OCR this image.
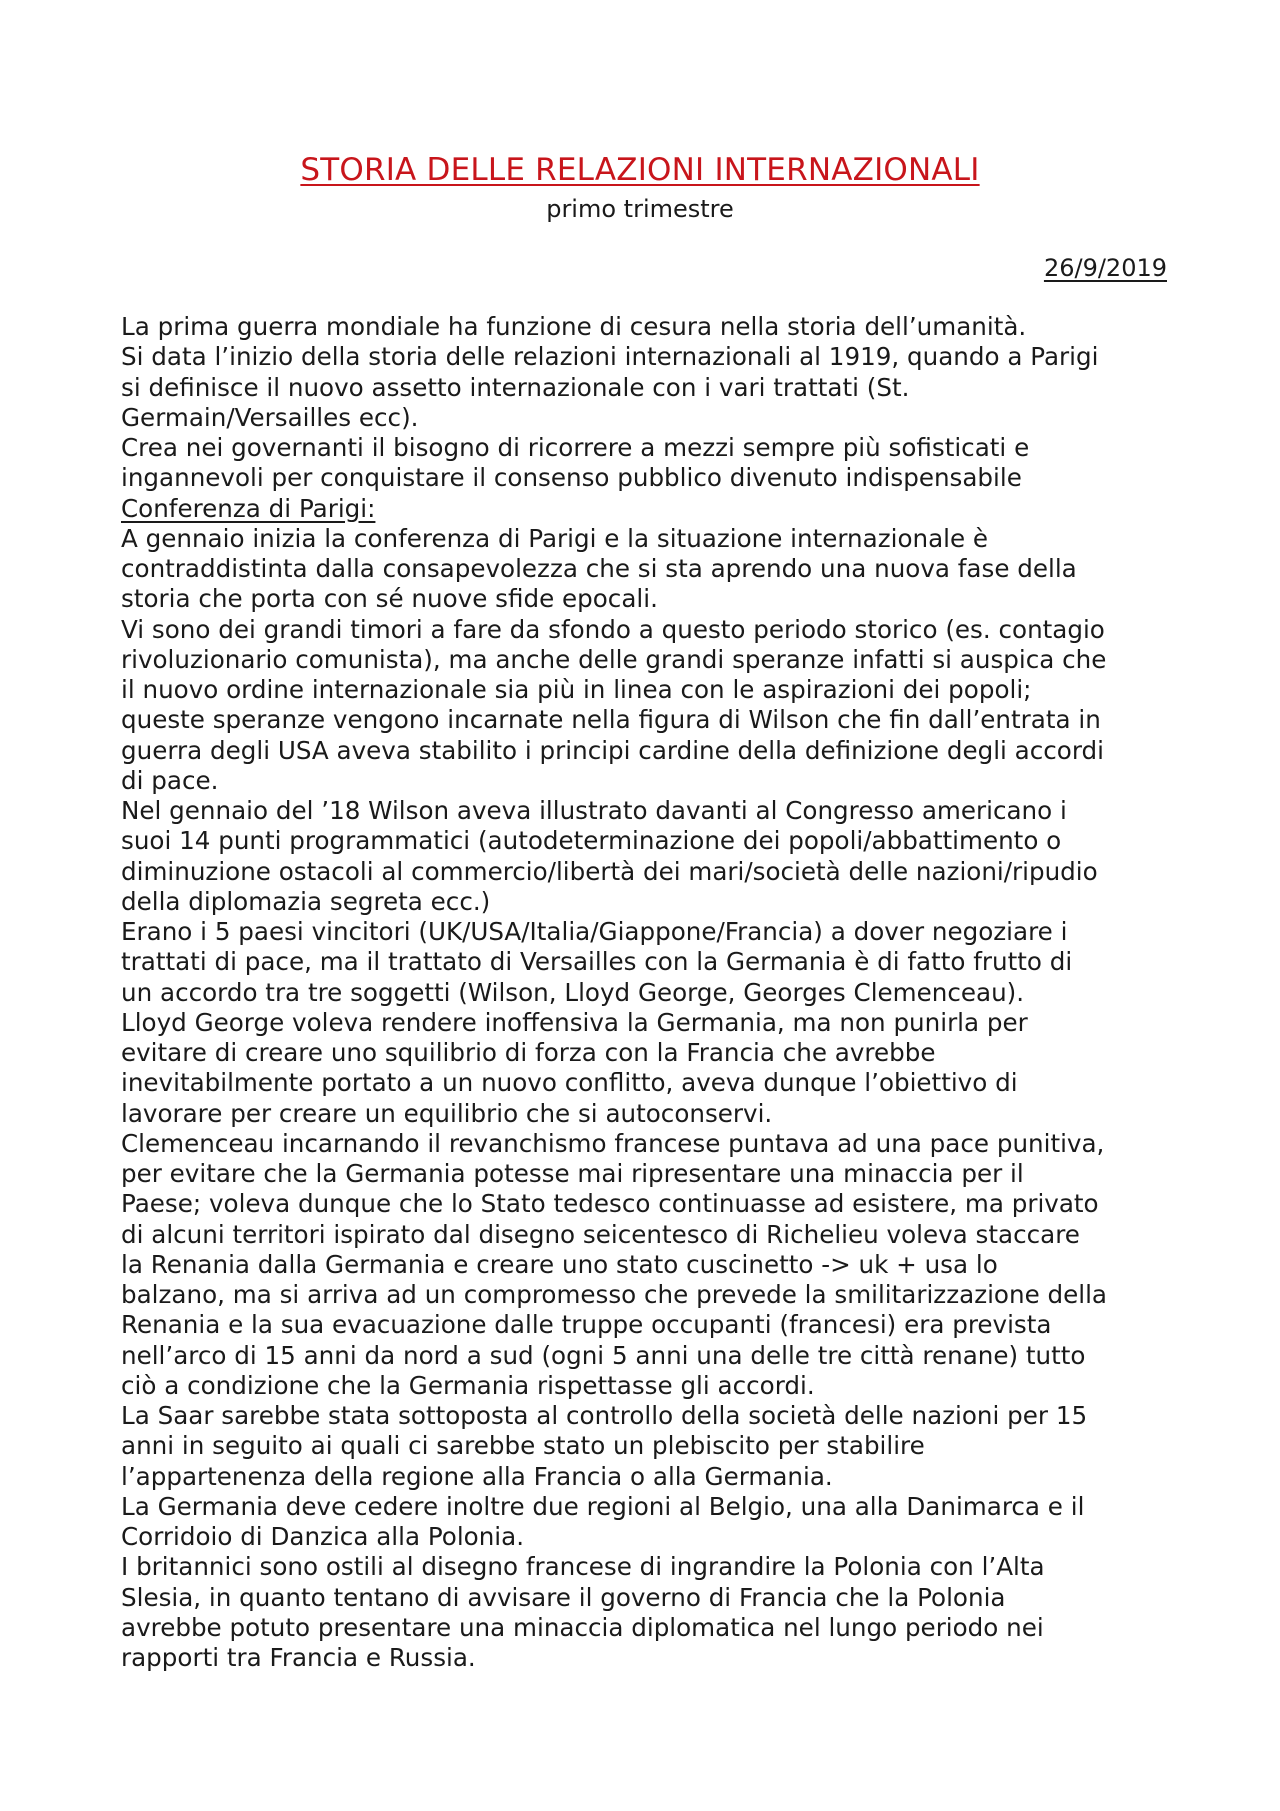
STORIA DELLE RELAZIONI INTERNAZIONALI
primo trimestre
26/9/2019
La prima guerra mondiale ha funzione di cesura nella storia dell’umanità.
Si data l’inizio della storia delle relazioni internazionali al 1919, quando a Parigi
si definisce il nuovo assetto internazionale con i vari trattati (St.
Germain/Versailles ecc).
Crea nei governanti il bisogno di ricorrere a mezzi sempre più sofisticati e
ingannevoli per conquistare il consenso pubblico divenuto indispensabile
Conferenza di Parigi:
A gennaio inizia la conferenza di Parigi e la situazione internazionale è
contraddistinta dalla consapevolezza che si sta aprendo una nuova fase della
storia che porta con sé nuove sfide epocali.
Vi sono dei grandi timori a fare da sfondo a questo periodo storico (es. contagio
rivoluzionario comunista), ma anche delle grandi speranze infatti si auspica che
il nuovo ordine internazionale sia più in linea con le aspirazioni dei popoli;
queste speranze vengono incarnate nella figura di Wilson che fin dall’entrata in
guerra degli USA aveva stabilito i principi cardine della definizione degli accordi
di pace.
Nel gennaio del ’18 Wilson aveva illustrato davanti al Congresso americano i
suoi 14 punti programmatici (autodeterminazione dei popoli/abbattimento o
diminuzione ostacoli al commercio/libertà dei mari/società delle nazioni/ripudio
della diplomazia segreta ecc.)
Erano i 5 paesi vincitori (UK/USA/Italia/Giappone/Francia) a dover negoziare i
trattati di pace, ma il trattato di Versailles con la Germania è di fatto frutto di
un accordo tra tre soggetti (Wilson, Lloyd George, Georges Clemenceau).
Lloyd George voleva rendere inoffensiva la Germania, ma non punirla per
evitare di creare uno squilibrio di forza con la Francia che avrebbe
inevitabilmente portato a un nuovo conflitto, aveva dunque l’obiettivo di
lavorare per creare un equilibrio che si autoconservi.
Clemenceau incarnando il revanchismo francese puntava ad una pace punitiva,
per evitare che la Germania potesse mai ripresentare una minaccia per il
Paese; voleva dunque che lo Stato tedesco continuasse ad esistere, ma privato
di alcuni territori ispirato dal disegno seicentesco di Richelieu voleva staccare
la Renania dalla Germania e creare uno stato cuscinetto -> uk + usa lo
balzano, ma si arriva ad un compromesso che prevede la smilitarizzazione della
Renania e la sua evacuazione dalle truppe occupanti (francesi) era prevista
nell’arco di 15 anni da nord a sud (ogni 5 anni una delle tre città renane) tutto
ciò a condizione che la Germania rispettasse gli accordi.
La Saar sarebbe stata sottoposta al controllo della società delle nazioni per 15
anni in seguito ai quali ci sarebbe stato un plebiscito per stabilire
l’appartenenza della regione alla Francia o alla Germania.
La Germania deve cedere inoltre due regioni al Belgio, una alla Danimarca e il
Corridoio di Danzica alla Polonia.
I britannici sono ostili al disegno francese di ingrandire la Polonia con l’Alta
Slesia, in quanto tentano di avvisare il governo di Francia che la Polonia
avrebbe potuto presentare una minaccia diplomatica nel lungo periodo nei
rapporti tra Francia e Russia.
